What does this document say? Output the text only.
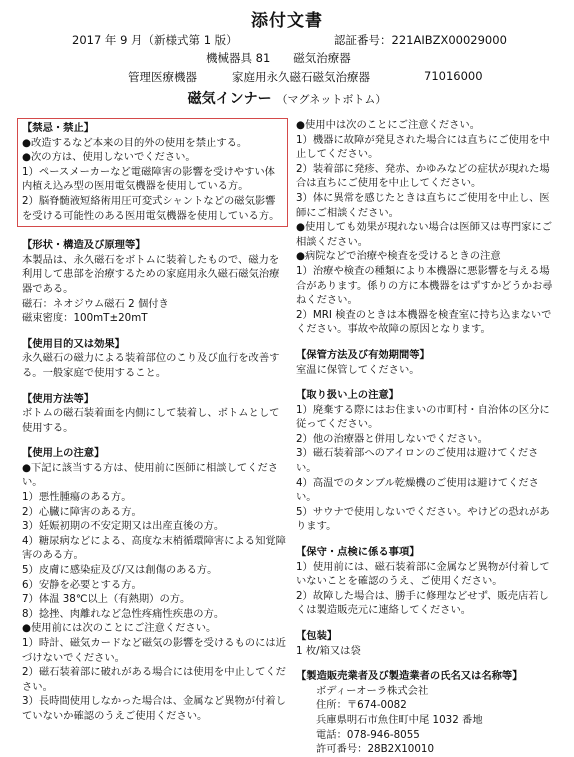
添付文書
2017 年 9 月（新様式第 1 版）	認証番号：221AIBZX00029000
機械器具 81　　磁気治療器
管理医療機器	家庭用永久磁石磁気治療器	71016000
磁気インナー （マグネットボトム）

【禁忌・禁止】

●改造するなど本来の目的外の使用を禁止する。

●次の方は、使用しないでください。

1）ペースメーカーなど電磁障害の影響を受けやすい体内植え込み型の医用電気機器を使用している方。

2）脳脊髄液短絡術用圧可変式シャントなどの磁気影響を受ける可能性のある医用電気機器を使用している方。

【形状・構造及び原理等】

本製品は、永久磁石をボトムに装着したもので、磁力を利用して患部を治療するための家庭用永久磁石磁気治療器である。

磁石：ネオジウム磁石 2 個付き

磁束密度：100mT±20mT

【使用目的又は効果】

永久磁石の磁力による装着部位のこり及び血行を改善する。一般家庭で使用すること。

【使用方法等】

ボトムの磁石装着面を内側にして装着し、ボトムとして使用する。

【使用上の注意】

●下記に該当する方は、使用前に医師に相談してください。

1）悪性腫瘍のある方。

2）心臓に障害のある方。

3）妊娠初期の不安定期又は出産直後の方。

4）糖尿病などによる、高度な末梢循環障害による知覚障害のある方。

5）皮膚に感染症及び/又は創傷のある方。

6）安静を必要とする方。

7）体温 38℃以上（有熱期）の方。

8）捻挫、肉離れなど急性疼痛性疾患の方。

●使用前には次のことにご注意ください。

1）時計、磁気カードなど磁気の影響を受けるものには近づけないでください。

2）磁石装着部に破れがある場合には使用を中止してください。

3）長時間使用しなかった場合は、金属など異物が付着していないか確認のうえご使用ください。

●使用中は次のことにご注意ください。

1）機器に故障が発見された場合には直ちにご使用を中止してください。

2）装着部に発疹、発赤、かゆみなどの症状が現れた場合は直ちにご使用を中止してください。

3）体に異常を感じたときは直ちにご使用を中止し、医師にご相談ください。

●使用しても効果が現れない場合は医師又は専門家にご相談ください。

●病院などで治療や検査を受けるときの注意

1）治療や検査の種類により本機器に悪影響を与える場合があります。係りの方に本機器をはずすかどうかお尋ねください。

2）MRI 検査のときは本機器を検査室に持ち込まないでください。事故や故障の原因となります。

【保管方法及び有効期間等】

室温に保管してください。

【取り扱い上の注意】

1）廃棄する際にはお住まいの市町村・自治体の区分に従ってください。

2）他の治療器と併用しないでください。

3）磁石装着部へのアイロンのご使用は避けてください。

4）高温でのタンブル乾燥機のご使用は避けてください。

5）サウナで使用しないでください。やけどの恐れがあります。

【保守・点検に係る事項】

1）使用前には、磁石装着部に金属など異物が付着していないことを確認のうえ、ご使用ください。

2）故障した場合は、勝手に修理などせず、販売店若しくは製造販売元に連絡してください。

【包装】

1 枚/箱又は袋

【製造販売業者及び製造業者の氏名又は名称等】

ボディーオーラ株式会社

住所：〒674-0082

兵庫県明石市魚住町中尾 1032 番地

電話：078-946-8055

許可番号：28B2X10010
